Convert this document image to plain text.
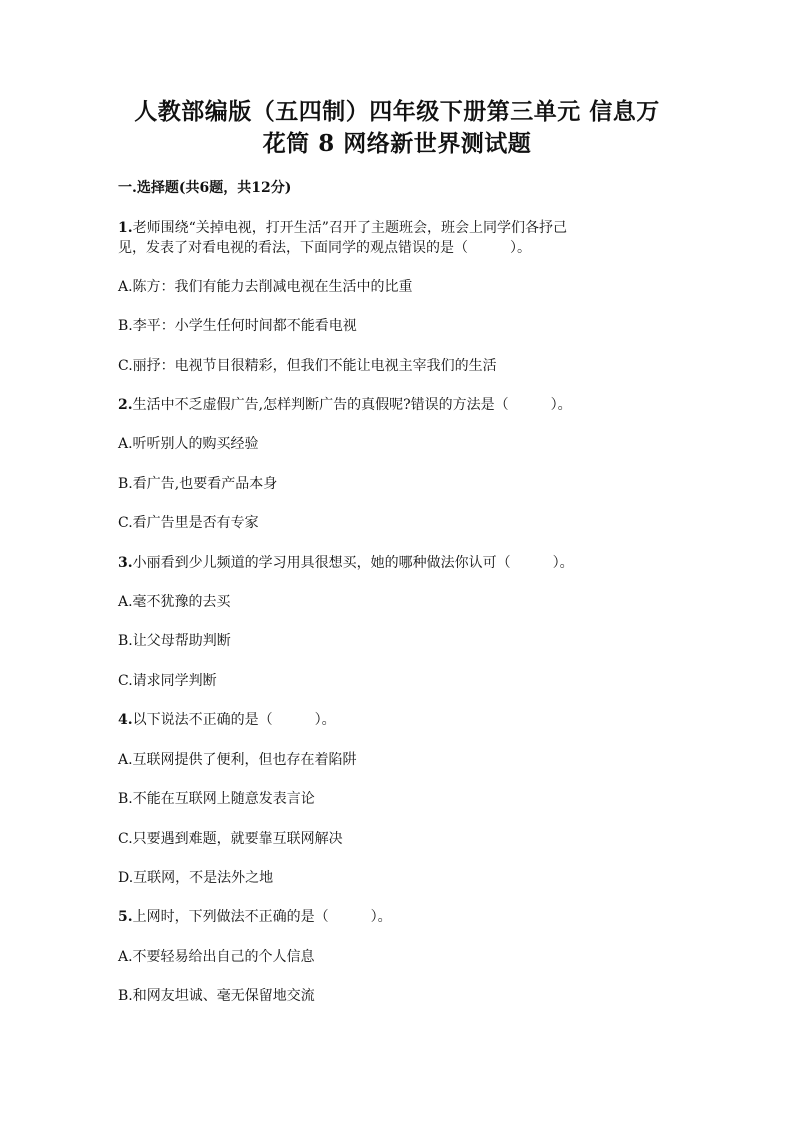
人教部编版（五四制）四年级下册第三单元 信息万
花筒 8 网络新世界测试题
一.选择题(共6题，共12分)
1.老师围绕“关掉电视，打开生活”召开了主题班会，班会上同学们各抒己
见，发表了对看电视的看法，下面同学的观点错误的是（　　　）。
A.陈方：我们有能力去削减电视在生活中的比重
B.李平：小学生任何时间都不能看电视
C.丽抒：电视节目很精彩，但我们不能让电视主宰我们的生活
2.生活中不乏虚假广告,怎样判断广告的真假呢?错误的方法是（　　　）。
A.听听别人的购买经验
B.看广告,也要看产品本身
C.看广告里是否有专家
3.小丽看到少儿频道的学习用具很想买，她的哪种做法你认可（　　　）。
A.毫不犹豫的去买
B.让父母帮助判断
C.请求同学判断
4.以下说法不正确的是（　　　）。
A.互联网提供了便利，但也存在着陷阱
B.不能在互联网上随意发表言论
C.只要遇到难题，就要靠互联网解决
D.互联网，不是法外之地
5.上网时，下列做法不正确的是（　　　）。
A.不要轻易给出自己的个人信息
B.和网友坦诚、毫无保留地交流
